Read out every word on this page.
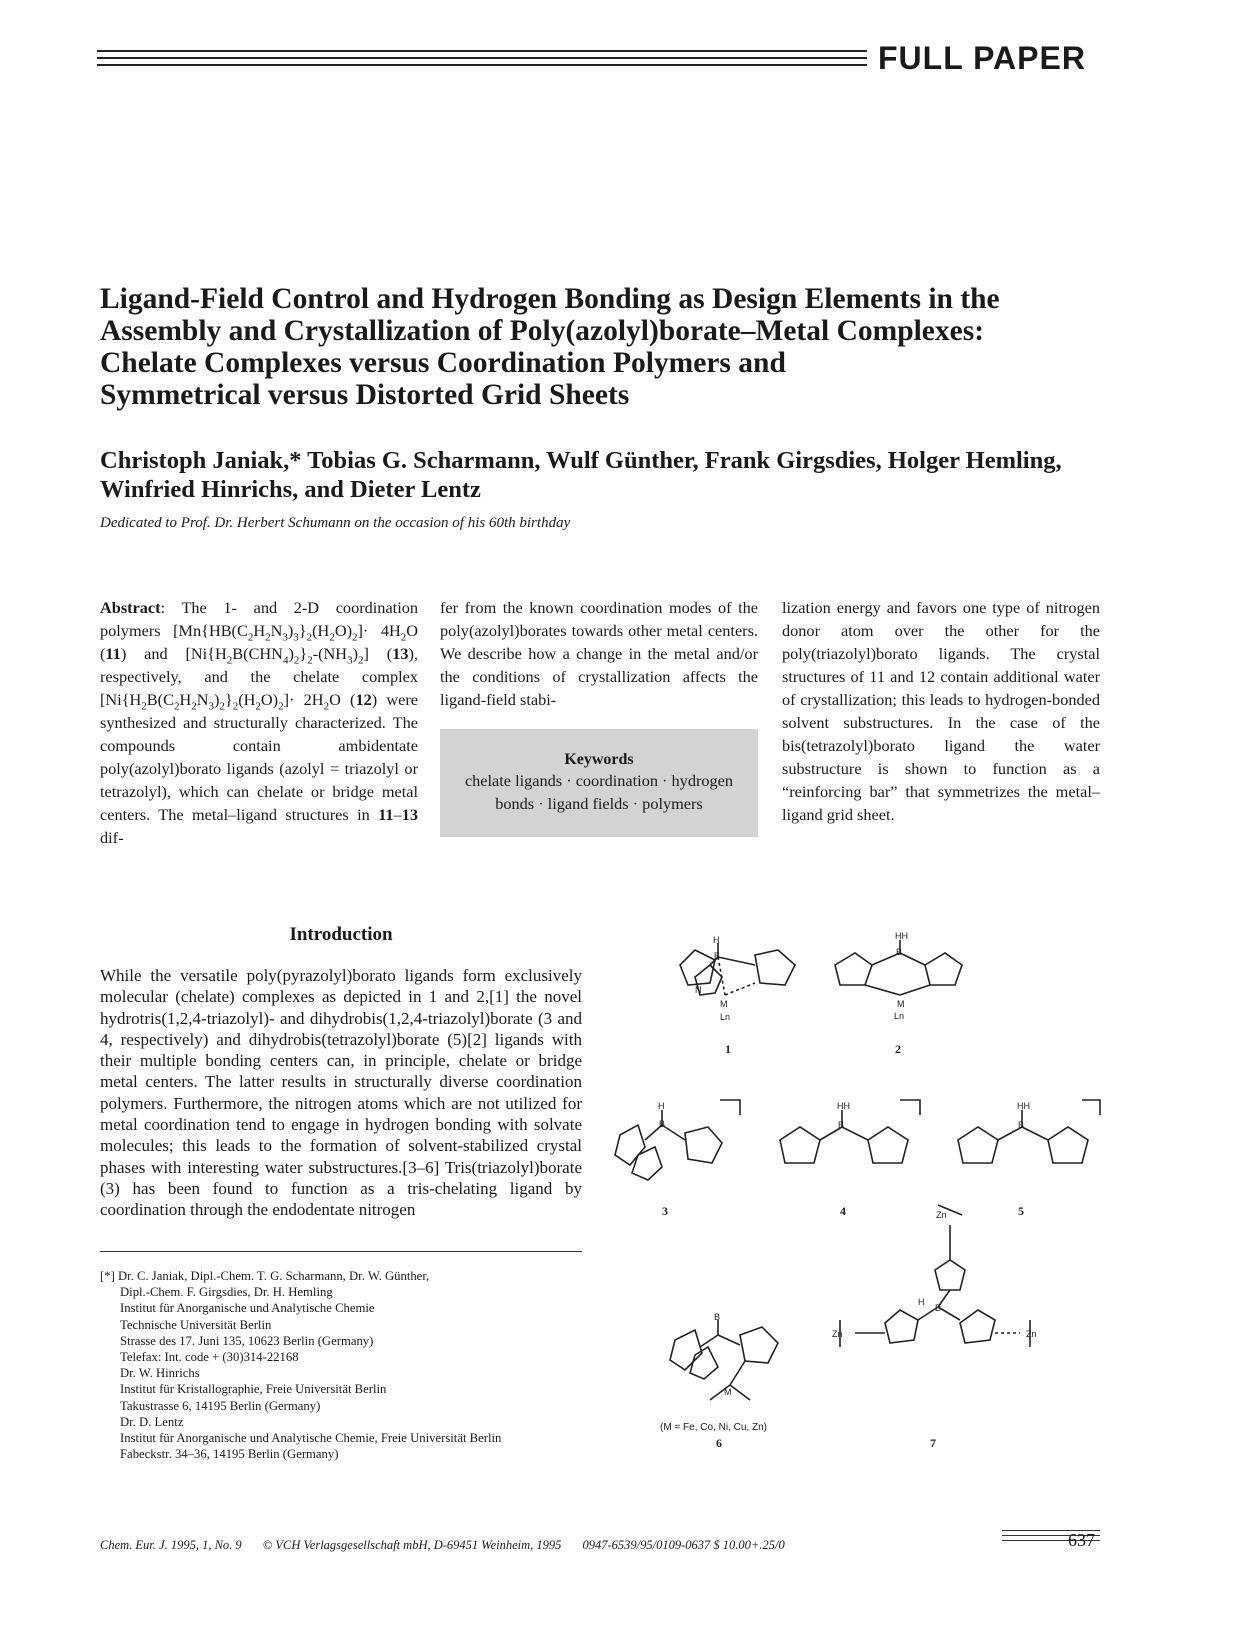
FULL PAPER
Ligand-Field Control and Hydrogen Bonding as Design Elements in the
Assembly and Crystallization of Poly(azolyl)borate–Metal Complexes:
Chelate Complexes versus Coordination Polymers and
Symmetrical versus Distorted Grid Sheets
Christoph Janiak,* Tobias G. Scharmann, Wulf Günther, Frank Girgsdies, Holger Hemling,
Winfried Hinrichs, and Dieter Lentz
Dedicated to Prof. Dr. Herbert Schumann on the occasion of his 60th birthday
Abstract: The 1- and 2-D coordination polymers $[Mn\{HB(C_2H_2N_3)_3\}_2(H_2O)_2]\cdot 4H_2O$ (11) and $[Ni\{H_2B(CHN_4)_2\}_2-(NH_3)_2]$ (13), respectively, and the chelate complex $[Ni\{H_2B(C_2H_2N_3)_2\}_2(H_2O)_2]\cdot 2H_2O$ (12) were synthesized and structurally characterized. The compounds contain ambidentate poly(azolyl)borato ligands (azolyl = triazolyl or tetrazolyl), which can chelate or bridge metal centers. The metal–ligand structures in 11–13 dif-
fer from the known coordination modes of the poly(azolyl)borates towards other metal centers. We describe how a change in the metal and/or the conditions of crystallization affects the ligand-field stabi-
lization energy and favors one type of nitrogen donor atom over the other for the poly(triazolyl)borato ligands. The crystal structures of 11 and 12 contain additional water of crystallization; this leads to hydrogen-bonded solvent substructures. In the case of the bis(tetrazolyl)borato ligand the water substructure is shown to function as a “reinforcing bar” that symmetrizes the metal–ligand grid sheet.
Keywords
chelate ligands · coordination · hydrogen bonds · ligand fields · polymers
Introduction
While the versatile poly(pyrazolyl)borato ligands form exclusively molecular (chelate) complexes as depicted in 1 and 2,[1] the novel hydrotris(1,2,4-triazolyl)- and dihydrobis(1,2,4-triazolyl)borate (3 and 4, respectively) and dihydrobis(tetrazolyl)borate (5)[2] ligands with their multiple bonding centers can, in principle, chelate or bridge metal centers. The latter results in structurally diverse coordination polymers. Furthermore, the nitrogen atoms which are not utilized for metal coordination tend to engage in hydrogen bonding with solvate molecules; this leads to the formation of solvent-stabilized crystal phases with interesting water substructures.[3–6] Tris(triazolyl)borate (3) has been found to function as a tris-chelating ligand by coordination through the endodentate nitrogen
[*] Dr. C. Janiak, Dipl.-Chem. T. G. Scharmann, Dr. W. Günther,
Dipl.-Chem. F. Girgsdies, Dr. H. Hemling
Institut für Anorganische und Analytische Chemie
Technische Universität Berlin
Strasse des 17. Juni 135, 10623 Berlin (Germany)
Telefax: Int. code + (30)314-22168
Dr. W. Hinrichs
Institut für Kristallographie, Freie Universität Berlin
Takustrasse 6, 14195 Berlin (Germany)
Dr. D. Lentz
Institut für Anorganische und Analytische Chemie, Freie Universität Berlin
Fabeckstr. 34–36, 14195 Berlin (Germany)
H
B
N
M
Ln
HH
B
M
Ln
H
B
HH
B
HH
B
B
M
Zn
Zn	Zn
H
B
1	2
3	4	5
6	7
(M = Fe, Co, Ni, Cu, Zn)
Chem. Eur. J. 1995, 1, No. 9 © VCH Verlagsgesellschaft mbH, D-69451 Weinheim, 1995 0947-6539/95/0109-0637 $ 10.00+.25/0	637
